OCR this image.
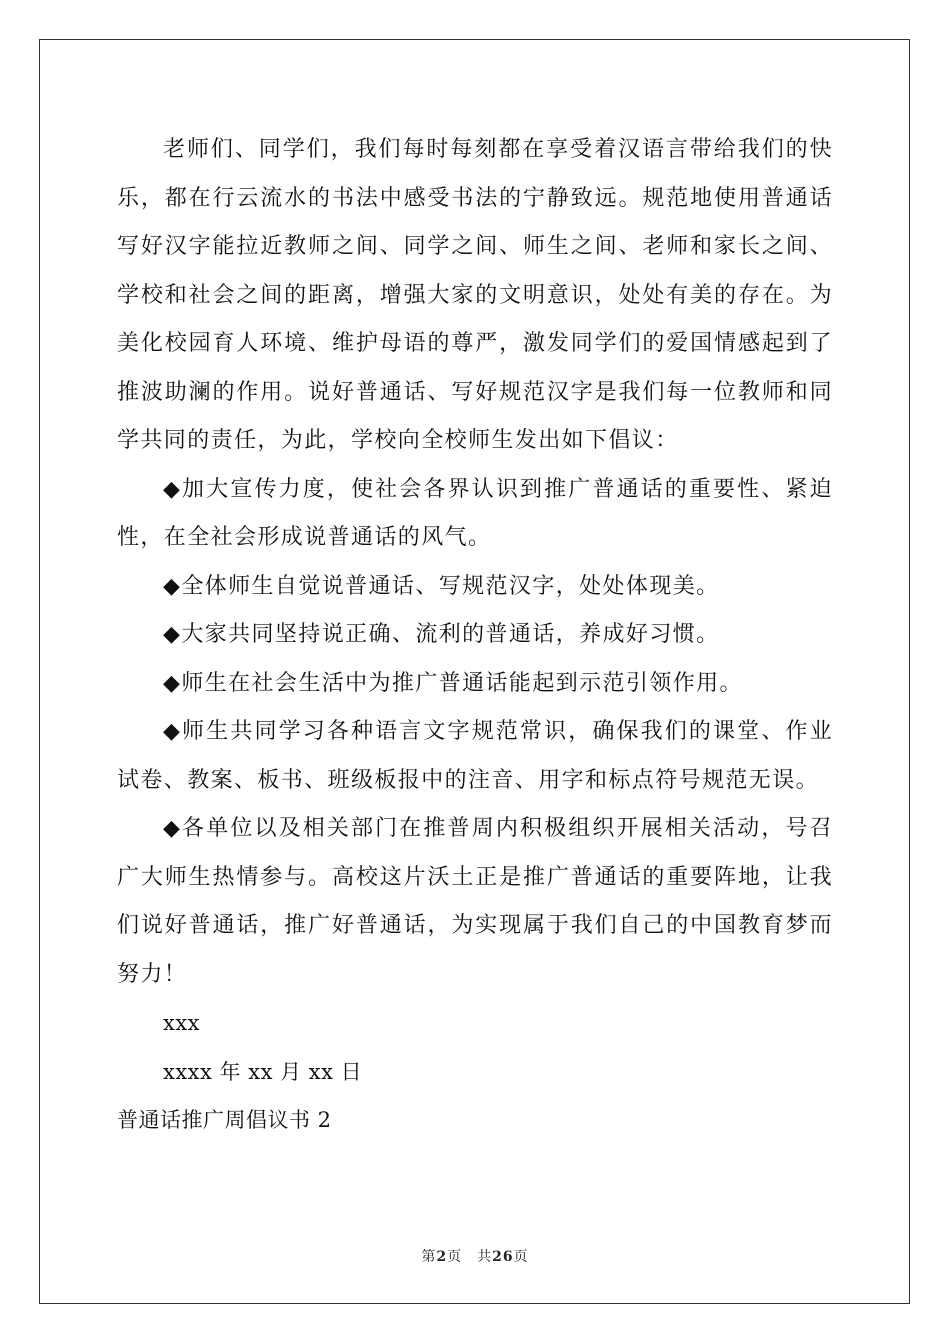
老师们、同学们，我们每时每刻都在享受着汉语言带给我们的快乐，都在行云流水的书法中感受书法的宁静致远。规范地使用普通话写好汉字能拉近教师之间、同学之间、师生之间、老师和家长之间、学校和社会之间的距离，增强大家的文明意识，处处有美的存在。为美化校园育人环境、维护母语的尊严，激发同学们的爱国情感起到了推波助澜的作用。说好普通话、写好规范汉字是我们每一位教师和同学共同的责任，为此，学校向全校师生发出如下倡议：

◆加大宣传力度，使社会各界认识到推广普通话的重要性、紧迫性，在全社会形成说普通话的风气。

◆全体师生自觉说普通话、写规范汉字，处处体现美。

◆大家共同坚持说正确、流利的普通话，养成好习惯。

◆师生在社会生活中为推广普通话能起到示范引领作用。

◆师生共同学习各种语言文字规范常识，确保我们的课堂、作业试卷、教案、板书、班级板报中的注音、用字和标点符号规范无误。

◆各单位以及相关部门在推普周内积极组织开展相关活动，号召广大师生热情参与。高校这片沃土正是推广普通话的重要阵地，让我们说好普通话，推广好普通话，为实现属于我们自己的中国教育梦而努力！

xxx

xxxx 年 xx 月 xx 日

普通话推广周倡议书 2

第2页　共26页
